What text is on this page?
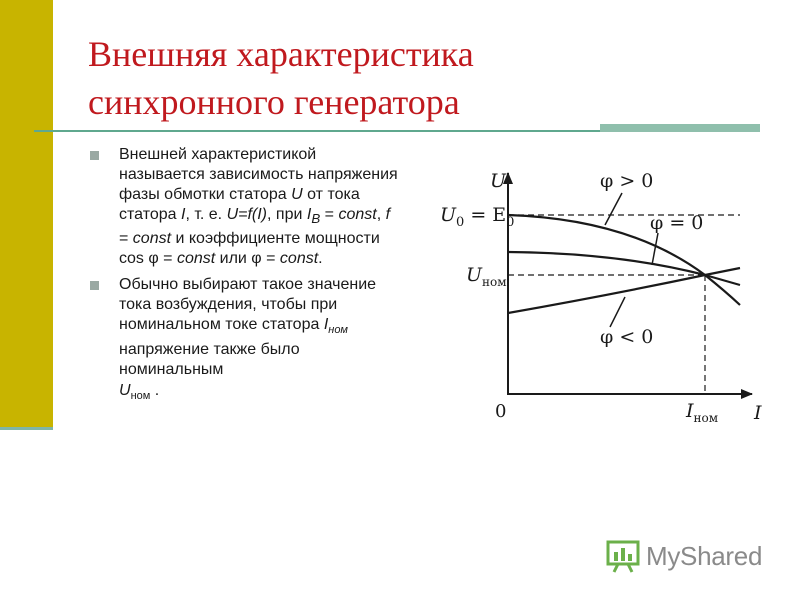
Внешняя характеристика
синхронного генератора
Внешней характеристикой называется зависимость напряжения фазы обмотки статора U от тока статора I, т. е. U=f(I), при $I_B$ = const, f = const и коэффициенте мощности cos φ = const или φ = const.
Обычно выбирают такое значение тока возбуждения, чтобы при номинальном токе статора $I_{ном}$ напряжение также было номинальным
$U_{ном}$ .
U
I
0
$U_0 = E_0$
$U_{ном}$
$I_{ном}$
φ > 0
φ = 0
φ < 0
MyShared
